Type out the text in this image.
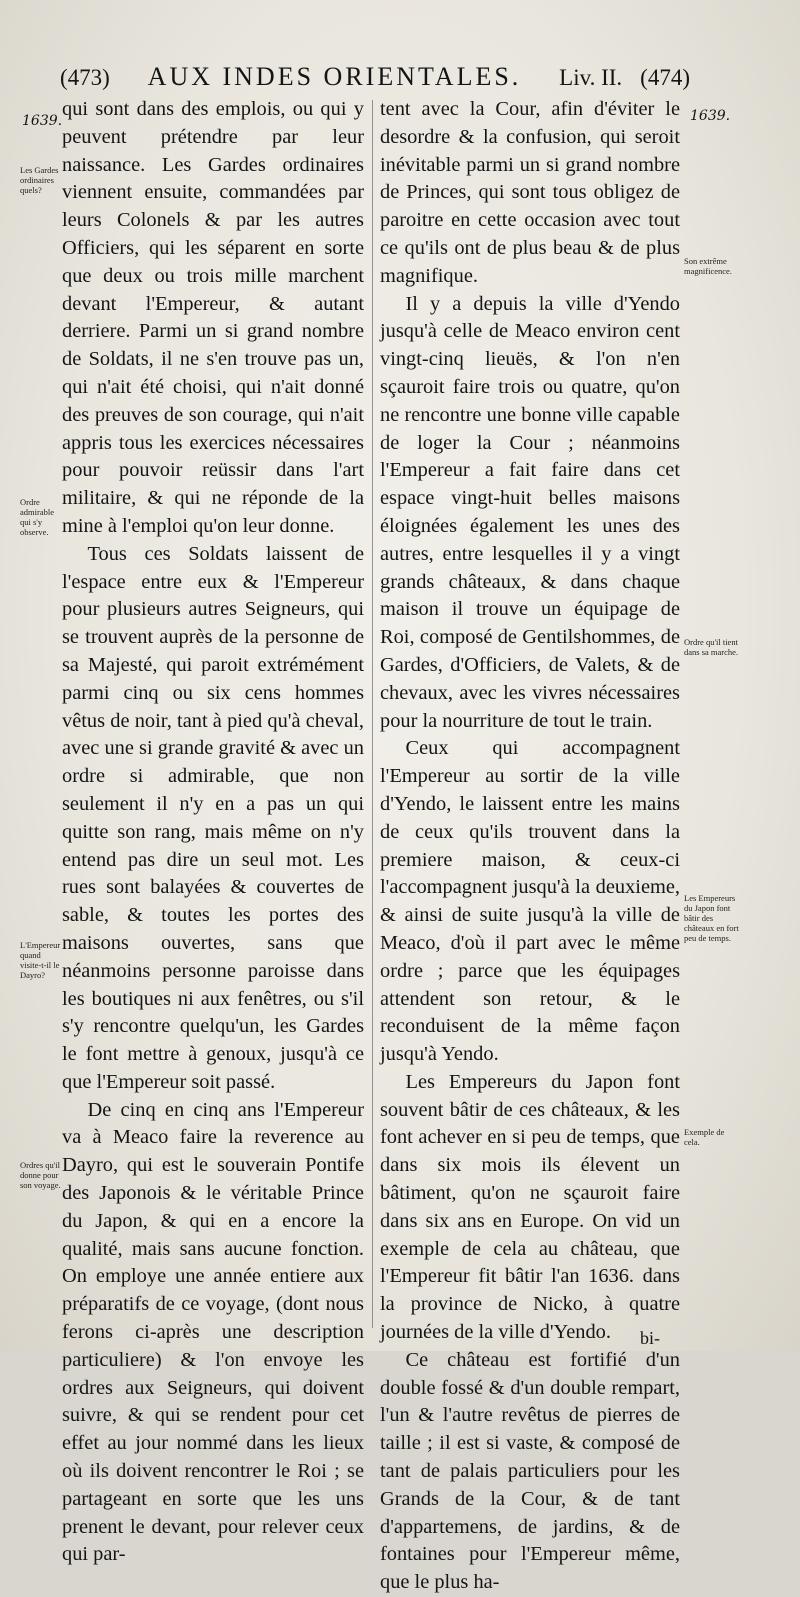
(473)	AUX INDES ORIENTALES.	Liv. II. (474)
1639.	1639.

qui sont dans des emplois, ou qui y peuvent prétendre par leur naissance. Les Gardes ordinaires viennent ensuite, commandées par leurs Colonels & par les autres Officiers, qui les séparent en sorte que deux ou trois mille marchent devant l'Empereur, & autant derriere. Parmi un si grand nombre de Soldats, il ne s'en trouve pas un, qui n'ait été choisi, qui n'ait donné des preuves de son courage, qui n'ait appris tous les exercices nécessaires pour pouvoir reüssir dans l'art militaire, & qui ne réponde de la mine à l'emploi qu'on leur donne.

Tous ces Soldats laissent de l'espace entre eux & l'Empereur pour plusieurs autres Seigneurs, qui se trouvent auprès de la personne de sa Majesté, qui paroit extrémément parmi cinq ou six cens hommes vêtus de noir, tant à pied qu'à cheval, avec une si grande gravité & avec un ordre si admirable, que non seulement il n'y en a pas un qui quitte son rang, mais même on n'y entend pas dire un seul mot. Les rues sont balayées & couvertes de sable, & toutes les portes des maisons ouvertes, sans que néanmoins personne paroisse dans les boutiques ni aux fenêtres, ou s'il s'y rencontre quelqu'un, les Gardes le font mettre à genoux, jusqu'à ce que l'Empereur soit passé.

De cinq en cinq ans l'Empereur va à Meaco faire la reverence au Dayro, qui est le souverain Pontife des Japonois & le véritable Prince du Japon, & qui en a encore la qualité, mais sans aucune fonction. On employe une année entiere aux préparatifs de ce voyage, (dont nous ferons ci-après une description particuliere) & l'on envoye les ordres aux Seigneurs, qui doivent suivre, & qui se rendent pour cet effet au jour nommé dans les lieux où ils doivent rencontrer le Roi ; se partageant en sorte que les uns prenent le devant, pour relever ceux qui par-

tent avec la Cour, afin d'éviter le desordre & la confusion, qui seroit inévitable parmi un si grand nombre de Princes, qui sont tous obligez de paroitre en cette occasion avec tout ce qu'ils ont de plus beau & de plus magnifique.

Il y a depuis la ville d'Yendo jusqu'à celle de Meaco environ cent vingt-cinq lieuës, & l'on n'en sçauroit faire trois ou quatre, qu'on ne rencontre une bonne ville capable de loger la Cour ; néanmoins l'Empereur a fait faire dans cet espace vingt-huit belles maisons éloignées également les unes des autres, entre lesquelles il y a vingt grands châteaux, & dans chaque maison il trouve un équipage de Roi, composé de Gentilshommes, de Gardes, d'Officiers, de Valets, & de chevaux, avec les vivres nécessaires pour la nourriture de tout le train.

Ceux qui accompagnent l'Empereur au sortir de la ville d'Yendo, le laissent entre les mains de ceux qu'ils trouvent dans la premiere maison, & ceux-ci l'accompagnent jusqu'à la deuxieme, & ainsi de suite jusqu'à la ville de Meaco, d'où il part avec le même ordre ; parce que les équipages attendent son retour, & le reconduisent de la même façon jusqu'à Yendo.

Les Empereurs du Japon font souvent bâtir de ces châteaux, & les font achever en si peu de temps, que dans six mois ils élevent un bâtiment, qu'on ne sçauroit faire dans six ans en Europe. On vid un exemple de cela au château, que l'Empereur fit bâtir l'an 1636. dans la province de Nicko, à quatre journées de la ville d'Yendo.

Ce château est fortifié d'un double fossé & d'un double rempart, l'un & l'autre revêtus de pierres de taille ; il est si vaste, & composé de tant de palais particuliers pour les Grands de la Cour, & de tant d'appartemens, de jardins, & de fontaines pour l'Empereur même, que le plus ha-

Les Gardes ordinaires quels?
Ordre admirable qui s'y observe.
L'Empereur quand visite-t-il le Dayro?
Ordres qu'il donne pour son voyage.
Son extrême magnificence.
Ordre qu'il tient dans sa marche.
Les Empereurs du Japon font bâtir des châteaux en fort peu de temps.
Exemple de cela.
bi-
